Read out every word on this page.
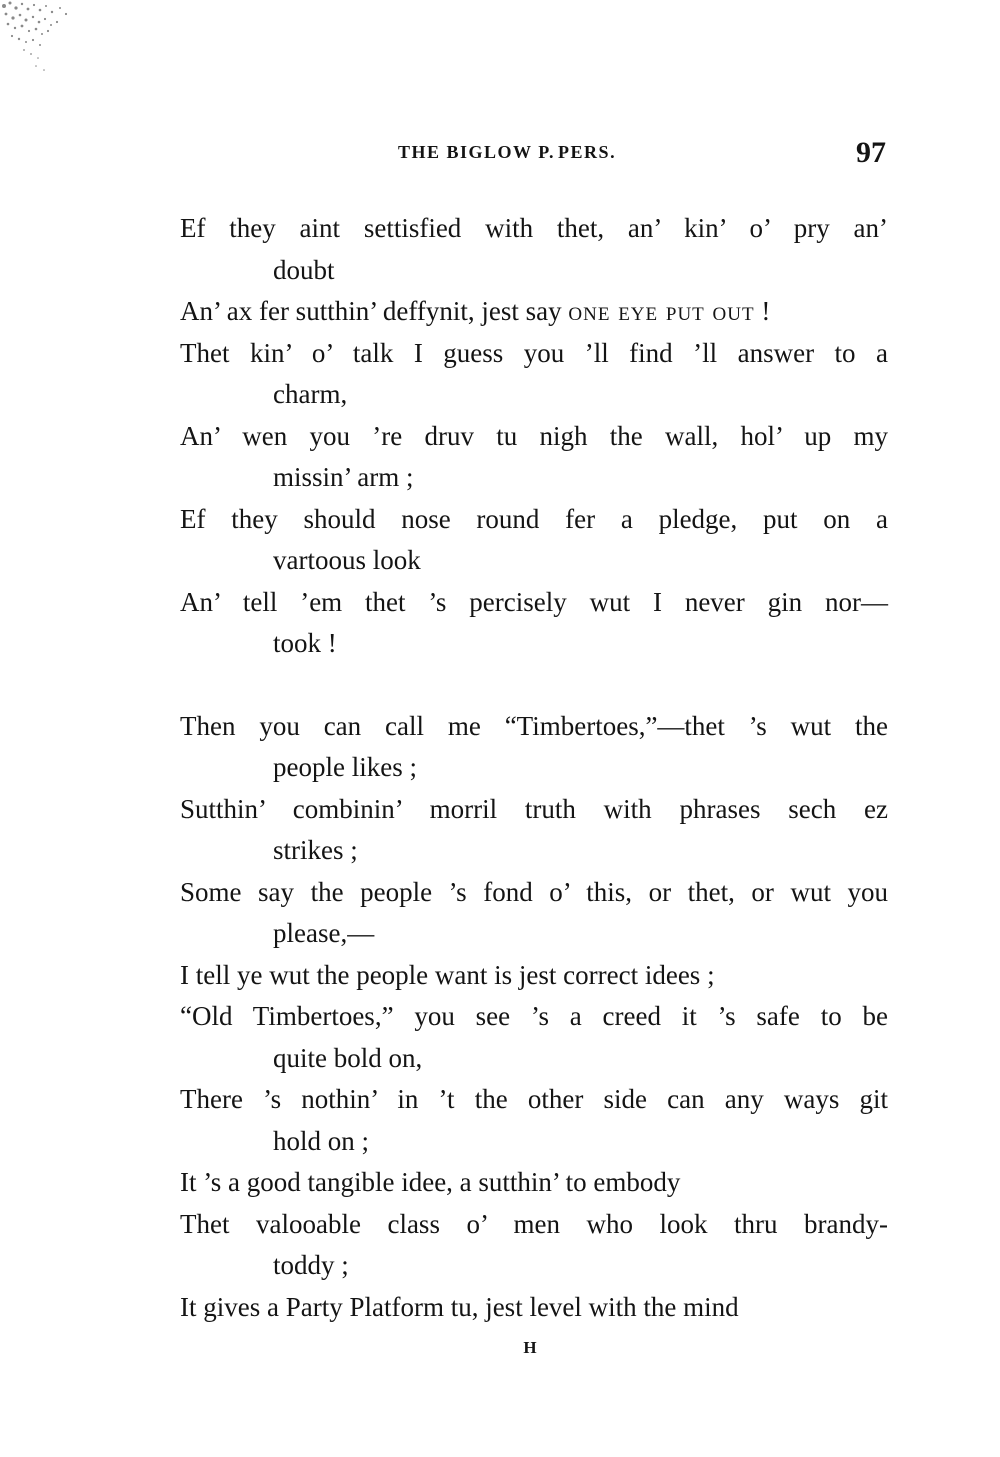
THE BIGLOW P. PERS.	97
Ef they aint settisfied with thet, an’ kin’ o’ pry an’
doubt
An’ ax fer sutthin’ deffynit, jest say one eye put out !
Thet kin’ o’ talk I guess you ’ll find ’ll answer to a
charm,
An’ wen you ’re druv tu nigh the wall, hol’ up my
missin’ arm ;
Ef they should nose round fer a pledge, put on a
vartoous look
An’ tell ’em thet ’s percisely wut I never gin nor—
took !
Then you can call me “Timbertoes,”—thet ’s wut the
people likes ;
Sutthin’ combinin’ morril truth with phrases sech ez
strikes ;
Some say the people ’s fond o’ this, or thet, or wut you
please,—
I tell ye wut the people want is jest correct idees ;
“Old Timbertoes,” you see ’s a creed it ’s safe to be
quite bold on,
There ’s nothin’ in ’t the other side can any ways git
hold on ;
It ’s a good tangible idee, a sutthin’ to embody
Thet valooable class o’ men who look thru brandy-
toddy ;
It gives a Party Platform tu, jest level with the mind
H
